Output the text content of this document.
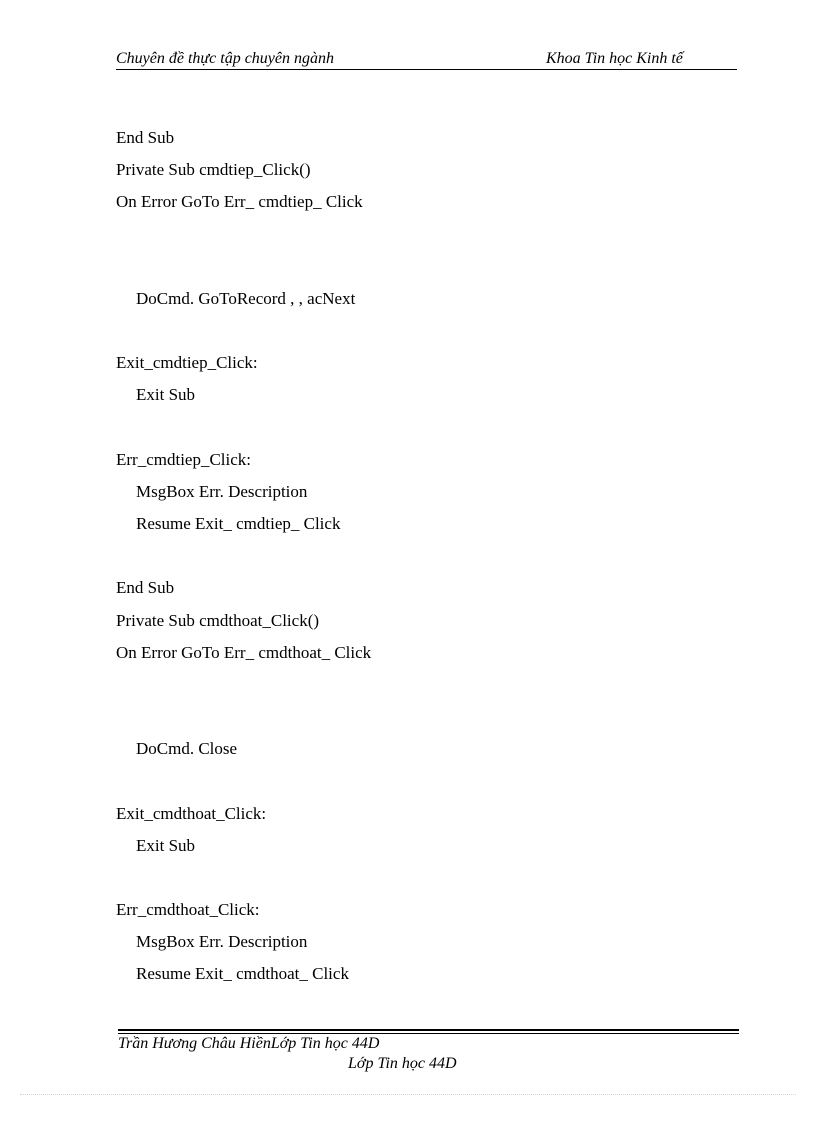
Chuyên đề thực tập chuyên ngành	Khoa Tin học Kinh tế
End Sub
Private Sub cmdtiep_Click()
On Error GoTo Err_ cmdtiep_ Click
DoCmd. GoToRecord , , acNext
Exit_cmdtiep_Click:
Exit Sub
Err_cmdtiep_Click:
MsgBox Err. Description
Resume Exit_ cmdtiep_ Click
End Sub
Private Sub cmdthoat_Click()
On Error GoTo Err_ cmdthoat_ Click
DoCmd. Close
Exit_cmdthoat_Click:
Exit Sub
Err_cmdthoat_Click:
MsgBox Err. Description
Resume Exit_ cmdthoat_ Click
Trần Hương Châu HiềnLớp Tin học 44D
Lớp Tin học 44D
